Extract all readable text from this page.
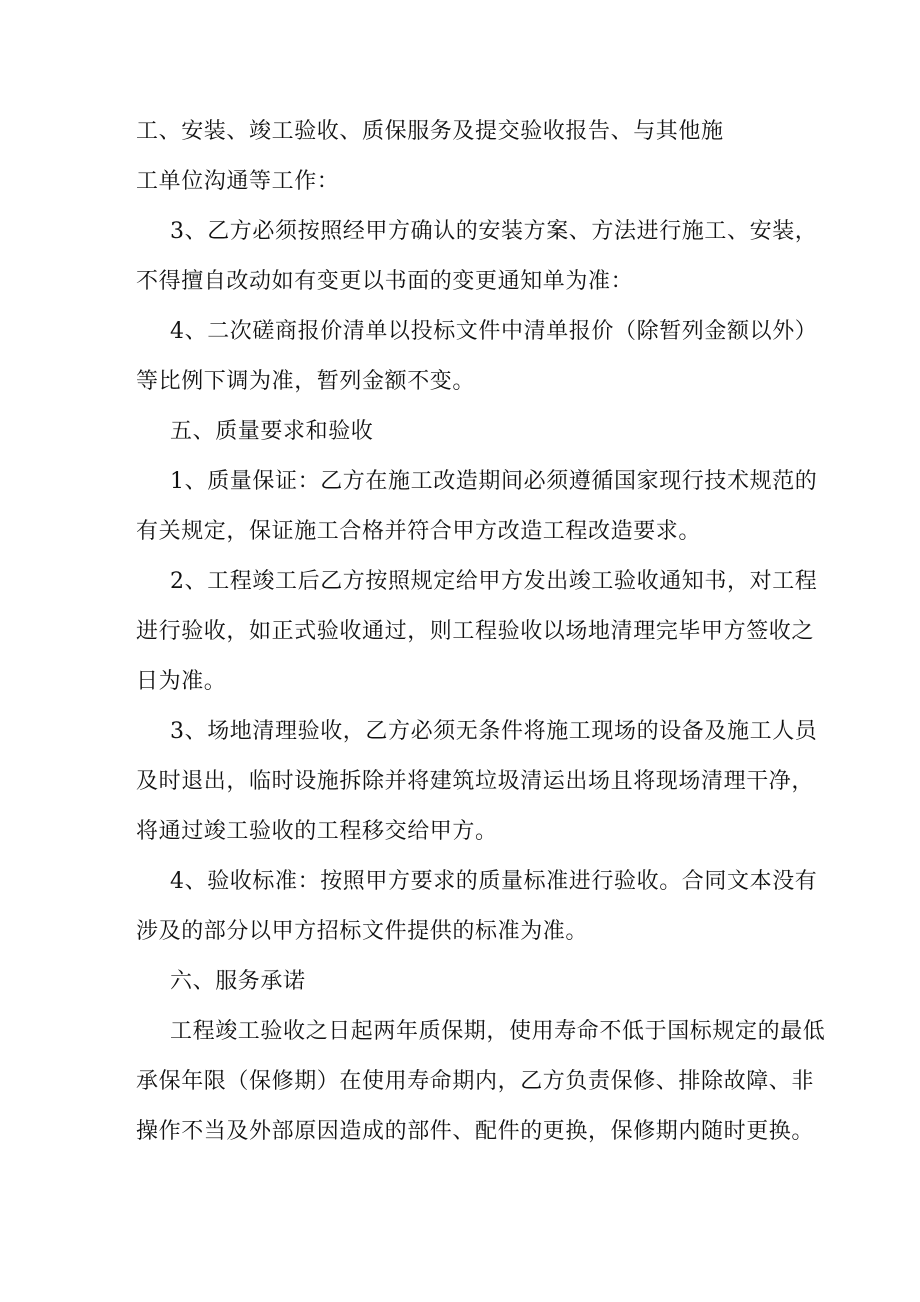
工、安装、竣工验收、质保服务及提交验收报告、与其他施
工单位沟通等工作：
3、乙方必须按照经甲方确认的安装方案、方法进行施工、安装，
不得擅自改动如有变更以书面的变更通知单为准：
4、二次磋商报价清单以投标文件中清单报价（除暂列金额以外）
等比例下调为准，暂列金额不变。
五、质量要求和验收
1、质量保证：乙方在施工改造期间必须遵循国家现行技术规范的
有关规定，保证施工合格并符合甲方改造工程改造要求。
2、工程竣工后乙方按照规定给甲方发出竣工验收通知书，对工程
进行验收，如正式验收通过，则工程验收以场地清理完毕甲方签收之
日为准。
3、场地清理验收，乙方必须无条件将施工现场的设备及施工人员
及时退出，临时设施拆除并将建筑垃圾清运出场且将现场清理干净，
将通过竣工验收的工程移交给甲方。
4、验收标准：按照甲方要求的质量标准进行验收。合同文本没有
涉及的部分以甲方招标文件提供的标准为准。
六、服务承诺
工程竣工验收之日起两年质保期，使用寿命不低于国标规定的最低
承保年限（保修期）在使用寿命期内，乙方负责保修、排除故障、非
操作不当及外部原因造成的部件、配件的更换，保修期内随时更换。
